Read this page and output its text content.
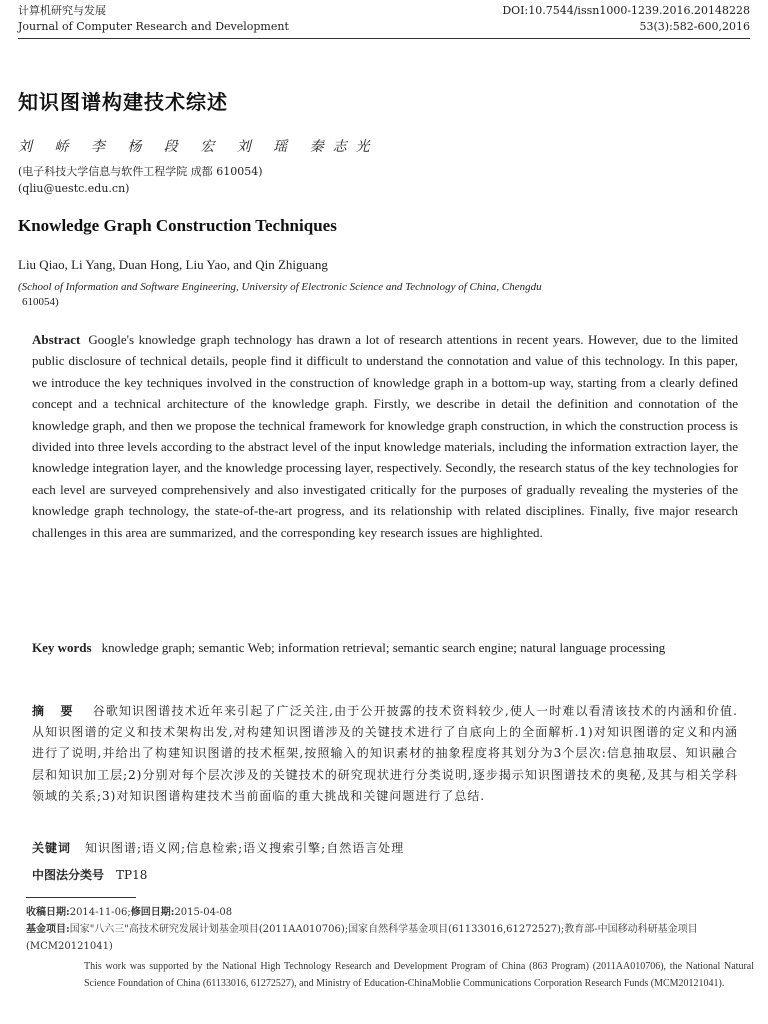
计算机研究与发展
Journal of Computer Research and Development
DOI:10.7544/issn1000-1239.2016.20148228
53(3):582-600,2016
知识图谱构建技术综述
刘 峤 李 杨 段 宏 刘 瑶 秦志光
(电子科技大学信息与软件工程学院 成都 610054)
(qliu@uestc.edu.cn)
Knowledge Graph Construction Techniques
Liu Qiao, Li Yang, Duan Hong, Liu Yao, and Qin Zhiguang
(School of Information and Software Engineering, University of Electronic Science and Technology of China, Chengdu
610054)
Abstract Google's knowledge graph technology has drawn a lot of research attentions in recent years. However, due to the limited public disclosure of technical details, people find it difficult to understand the connotation and value of this technology. In this paper, we introduce the key techniques involved in the construction of knowledge graph in a bottom-up way, starting from a clearly defined concept and a technical architecture of the knowledge graph. Firstly, we describe in detail the definition and connotation of the knowledge graph, and then we propose the technical framework for knowledge graph construction, in which the construction process is divided into three levels according to the abstract level of the input knowledge materials, including the information extraction layer, the knowledge integration layer, and the knowledge processing layer, respectively. Secondly, the research status of the key technologies for each level are surveyed comprehensively and also investigated critically for the purposes of gradually revealing the mysteries of the knowledge graph technology, the state-of-the-art progress, and its relationship with related disciplines. Finally, five major research challenges in this area are summarized, and the corresponding key research issues are highlighted.
Key words knowledge graph; semantic Web; information retrieval; semantic search engine; natural language processing
摘 要 谷歌知识图谱技术近年来引起了广泛关注,由于公开披露的技术资料较少,使人一时难以看清该技术的内涵和价值.从知识图谱的定义和技术架构出发,对构建知识图谱涉及的关键技术进行了自底向上的全面解析.1)对知识图谱的定义和内涵进行了说明,并给出了构建知识图谱的技术框架,按照输入的知识素材的抽象程度将其划分为3个层次:信息抽取层、知识融合层和知识加工层;2)分别对每个层次涉及的关键技术的研究现状进行分类说明,逐步揭示知识图谱技术的奥秘,及其与相关学科领域的关系;3)对知识图谱构建技术当前面临的重大挑战和关键问题进行了总结.
关键词 知识图谱;语义网;信息检索;语义搜索引擎;自然语言处理
中图法分类号 TP18
收稿日期:2014-11-06;修回日期:2015-04-08
基金项目:国家"八六三"高技术研究发展计划基金项目(2011AA010706);国家自然科学基金项目(61133016,61272527);教育部-中国移动科研基金项目(MCM20121041)
This work was supported by the National High Technology Research and Development Program of China (863 Program) (2011AA010706), the National Natural Science Foundation of China (61133016, 61272527), and Ministry of Education-ChinaMoblie Communications Corporation Research Funds (MCM20121041).
